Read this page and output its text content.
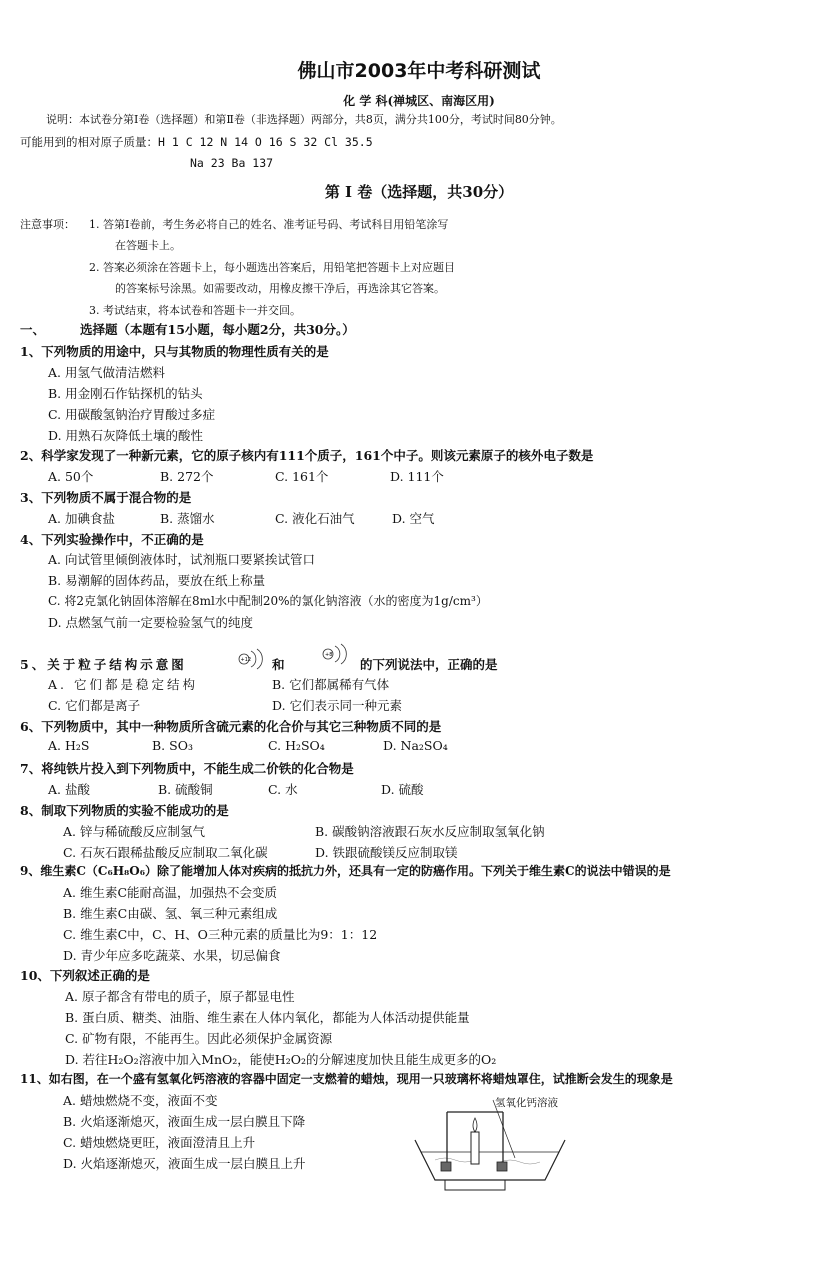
佛山市2003年中考科研测试
化 学 科(禅城区、南海区用)
说明：本试卷分第Ⅰ卷（选择题）和第Ⅱ卷（非选择题）两部分，共8页，满分共100分，考试时间80分钟。
可能用到的相对原子质量：H 1 C 12 N 14 O 16 S 32 Cl 35.5
Na 23 Ba 137
第 Ⅰ 卷（选择题，共30分）
注意事项： 1. 答第Ⅰ卷前，考生务必将自己的姓名、准考证号码、考试科目用铅笔涂写
在答题卡上。
2. 答案必须涂在答题卡上，每小题选出答案后，用铅笔把答题卡上对应题目
的答案标号涂黑。如需要改动，用橡皮擦干净后，再选涂其它答案。
3. 考试结束，将本试卷和答题卡一并交回。
一、	选择题（本题有15小题，每小题2分，共30分。）
1、下列物质的用途中，只与其物质的物理性质有关的是
A. 用氢气做清洁燃料
B. 用金刚石作钻探机的钻头
C. 用碳酸氢钠治疗胃酸过多症
D. 用熟石灰降低土壤的酸性
2、科学家发现了一种新元素，它的原子核内有111个质子，161个中子。则该元素原子的核外电子数是
A. 50个	B. 272个	C. 161个	D. 111个
3、下列物质不属于混合物的是
A. 加碘食盐	B. 蒸馏水	C. 液化石油气	D. 空气
4、下列实验操作中，不正确的是
A. 向试管里倾倒液体时，试剂瓶口要紧挨试管口
B. 易潮解的固体药品，要放在纸上称量
C. 将2克氯化钠固体溶解在8ml水中配制20%的氯化钠溶液（水的密度为1g/cm³）
D. 点燃氢气前一定要检验氢气的纯度
5、关于粒子结构示意图	+12 和
+8
的下列说法中，正确的是
A. 它们都是稳定结构	B. 它们都属稀有气体
C. 它们都是离子	D. 它们表示同一种元素
6、下列物质中，其中一种物质所含硫元素的化合价与其它三种物质不同的是
A. H₂S	B. SO₃	C. H₂SO₄	D. Na₂SO₄
7、将纯铁片投入到下列物质中，不能生成二价铁的化合物是
A. 盐酸	B. 硫酸铜	C. 水	D. 硫酸
8、制取下列物质的实验不能成功的是
A. 锌与稀硫酸反应制氢气	B. 碳酸钠溶液跟石灰水反应制取氢氧化钠
C. 石灰石跟稀盐酸反应制取二氧化碳	D. 铁跟硫酸镁反应制取镁
9、维生素C（C₆H₈O₆）除了能增加人体对疾病的抵抗力外，还具有一定的防癌作用。下列关于维生素C的说法中错误的是
A. 维生素C能耐高温，加强热不会变质
B. 维生素C由碳、氢、氧三种元素组成
C. 维生素C中，C、H、O三种元素的质量比为9：1：12
D. 青少年应多吃蔬菜、水果，切忌偏食
10、下列叙述正确的是
A. 原子都含有带电的质子，原子都显电性
B. 蛋白质、糖类、油脂、维生素在人体内氧化，都能为人体活动提供能量
C. 矿物有限，不能再生。因此必须保护金属资源
D. 若往H₂O₂溶液中加入MnO₂，能使H₂O₂的分解速度加快且能生成更多的O₂
11、如右图，在一个盛有氢氧化钙溶液的容器中固定一支燃着的蜡烛，现用一只玻璃杯将蜡烛罩住，试推断会发生的现象是
A. 蜡烛燃烧不变，液面不变
B. 火焰逐渐熄灭，液面生成一层白膜且下降
C. 蜡烛燃烧更旺，液面澄清且上升
D. 火焰逐渐熄灭，液面生成一层白膜且上升
氢氧化钙溶液
